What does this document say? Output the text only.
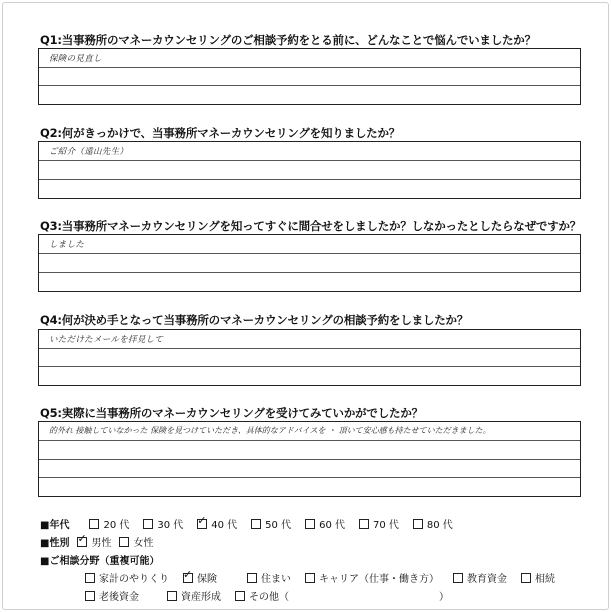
Q1:当事務所のマネーカウンセリングのご相談予約をとる前に、どんなことで悩んでいましたか？
保険の見直し
Q2:何がきっかけで、当事務所マネーカウンセリングを知りましたか？
ご紹介（遠山先生）
Q3:当事務所マネーカウンセリングを知ってすぐに間合せをしましたか？しなかったとしたらなぜですか？
しました
Q4:何が決め手となって当事務所のマネーカウンセリングの相談予約をしましたか？
いただけたメールを拝見して
Q5:実際に当事務所のマネーカウンセリングを受けてみていかがでしたか？
的外れ 接触していなかった 保険を見つけていただき、具体的なアドバイスを ・ 頂いて安心感も持たせていただきました。
■年代	20 代	30 代 ✓	40 代	50 代	60 代	70 代	80 代
■性別 ✓ 男性 女性
■ご相談分野（重複可能）
家計のやりくり ✓	保険	住まい	キャリア（仕事・働き方）	教育資金	相続
老後資金	資産形成	その他（	）
